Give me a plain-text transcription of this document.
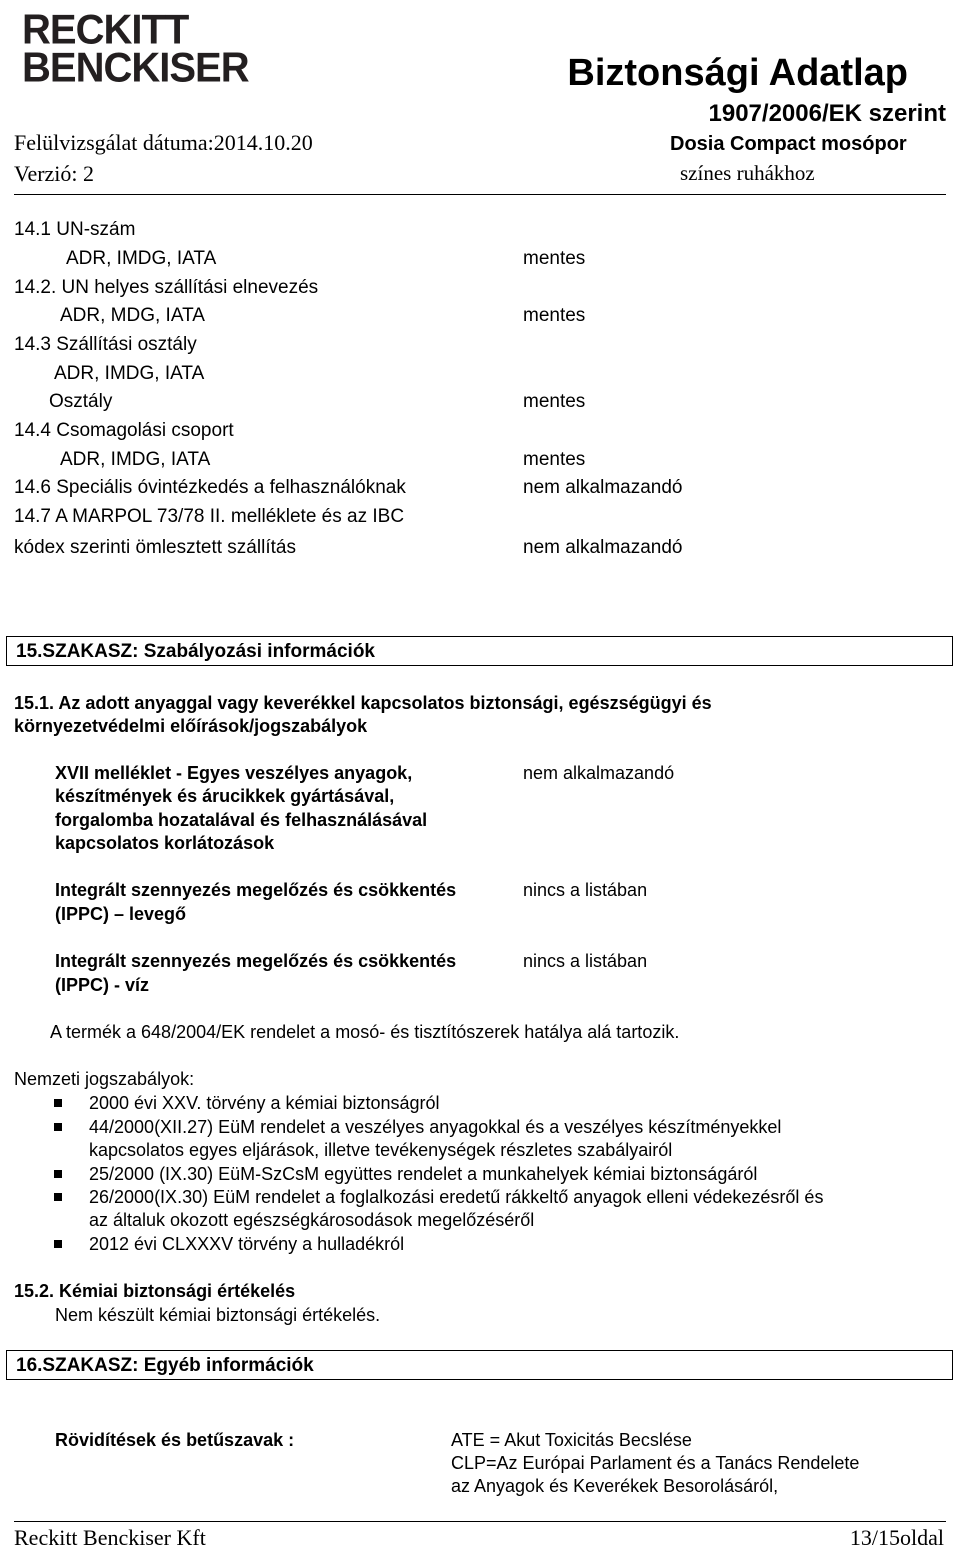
RECKITT
BENCKISER	Biztonsági Adatlap
1907/2006/EK szerint
Felülvizsgálat dátuma:2014.10.20
Verzió: 2
Dosia Compact mosópor
színes ruhákhoz
14.1 UN-szám
ADR, IMDG, IATA	mentes
14.2. UN helyes szállítási elnevezés
ADR, MDG, IATA	mentes
14.3 Szállítási osztály
ADR, IMDG, IATA
Osztály	mentes
14.4 Csomagolási csoport
ADR, IMDG, IATA	mentes
14.6 Speciális óvintézkedés a felhasználóknak	nem alkalmazandó
14.7 A MARPOL 73/78 II. melléklete és az IBC
kódex szerinti ömlesztett szállítás	nem alkalmazandó
15.SZAKASZ: Szabályozási információk
15.1. Az adott anyaggal vagy keverékkel kapcsolatos biztonsági, egészségügyi és
környezetvédelmi előírások/jogszabályok
XVII melléklet - Egyes veszélyes anyagok,
készítmények és árucikkek gyártásával,
forgalomba hozatalával és felhasználásával
kapcsolatos korlátozások
nem alkalmazandó
Integrált szennyezés megelőzés és csökkentés
(IPPC) – levegő
nincs a listában
Integrált szennyezés megelőzés és csökkentés
(IPPC) - víz
nincs a listában
A termék a 648/2004/EK rendelet a mosó- és tisztítószerek hatálya alá tartozik.
Nemzeti jogszabályok:
2000 évi XXV. törvény a kémiai biztonságról
44/2000(XII.27) EüM rendelet a veszélyes anyagokkal és a veszélyes készítményekkel
kapcsolatos egyes eljárások, illetve tevékenységek részletes szabályairól
25/2000 (IX.30) EüM-SzCsM együttes rendelet a munkahelyek kémiai biztonságáról
26/2000(IX.30) EüM rendelet a foglalkozási eredetű rákkeltő anyagok elleni védekezésről és
az általuk okozott egészségkárosodások megelőzéséről
2012 évi CLXXXV törvény a hulladékról
15.2. Kémiai biztonsági értékelés
Nem készült kémiai biztonsági értékelés.
16.SZAKASZ: Egyéb információk
Rövidítések és betűszavak :	ATE = Akut Toxicitás Becslése
CLP=Az Európai Parlament és a Tanács Rendelete
az Anyagok és Keverékek Besorolásáról,
Reckitt Benckiser Kft	13/15oldal
